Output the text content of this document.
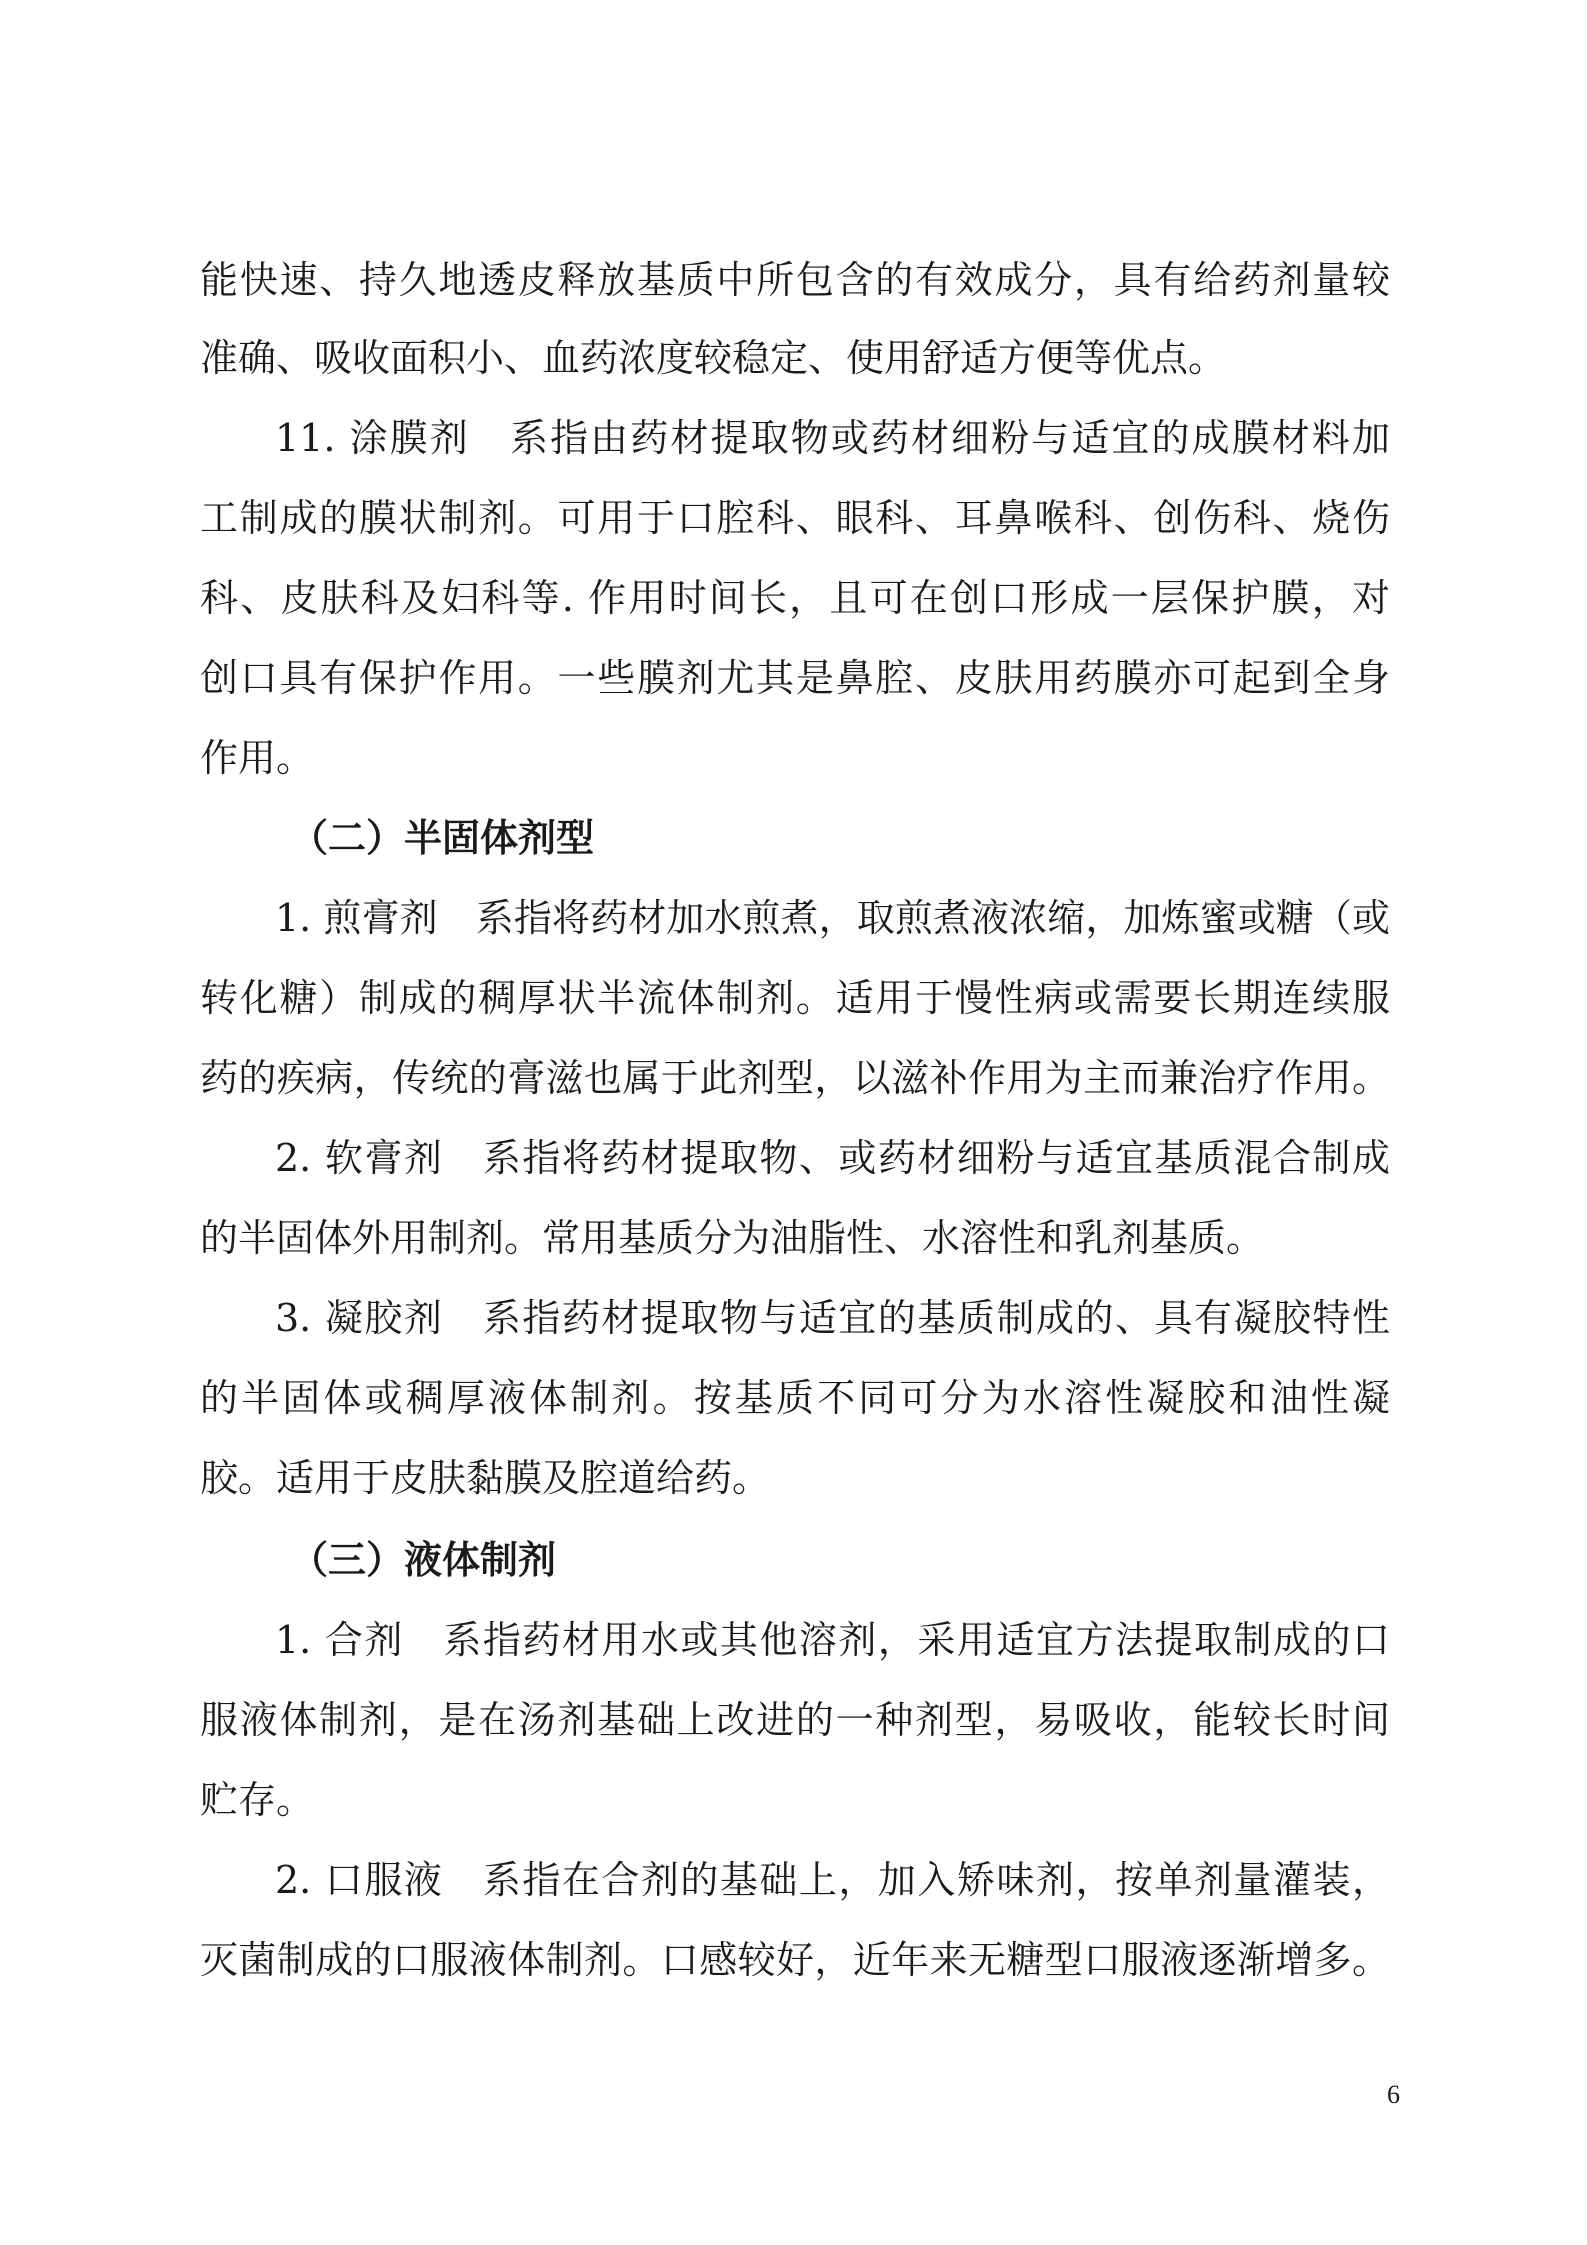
能快速、持久地透皮释放基质中所包含的有效成分，具有给药剂量较
准确、吸收面积小、血药浓度较稳定、使用舒适方便等优点。
11. 涂膜剂　系指由药材提取物或药材细粉与适宜的成膜材料加
工制成的膜状制剂。可用于口腔科、眼科、耳鼻喉科、创伤科、烧伤
科、皮肤科及妇科等. 作用时间长，且可在创口形成一层保护膜，对
创口具有保护作用。一些膜剂尤其是鼻腔、皮肤用药膜亦可起到全身
作用。
（二）半固体剂型
1. 煎膏剂　系指将药材加水煎煮，取煎煮液浓缩，加炼蜜或糖（或
转化糖）制成的稠厚状半流体制剂。适用于慢性病或需要长期连续服
药的疾病，传统的膏滋也属于此剂型，以滋补作用为主而兼治疗作用。
2. 软膏剂　系指将药材提取物、或药材细粉与适宜基质混合制成
的半固体外用制剂。常用基质分为油脂性、水溶性和乳剂基质。
3. 凝胶剂　系指药材提取物与适宜的基质制成的、具有凝胶特性
的半固体或稠厚液体制剂。按基质不同可分为水溶性凝胶和油性凝
胶。适用于皮肤黏膜及腔道给药。
（三）液体制剂
1. 合剂　系指药材用水或其他溶剂，采用适宜方法提取制成的口
服液体制剂，是在汤剂基础上改进的一种剂型，易吸收，能较长时间
贮存。
2. 口服液　系指在合剂的基础上，加入矫味剂，按单剂量灌装，
灭菌制成的口服液体制剂。口感较好，近年来无糖型口服液逐渐增多。
6
